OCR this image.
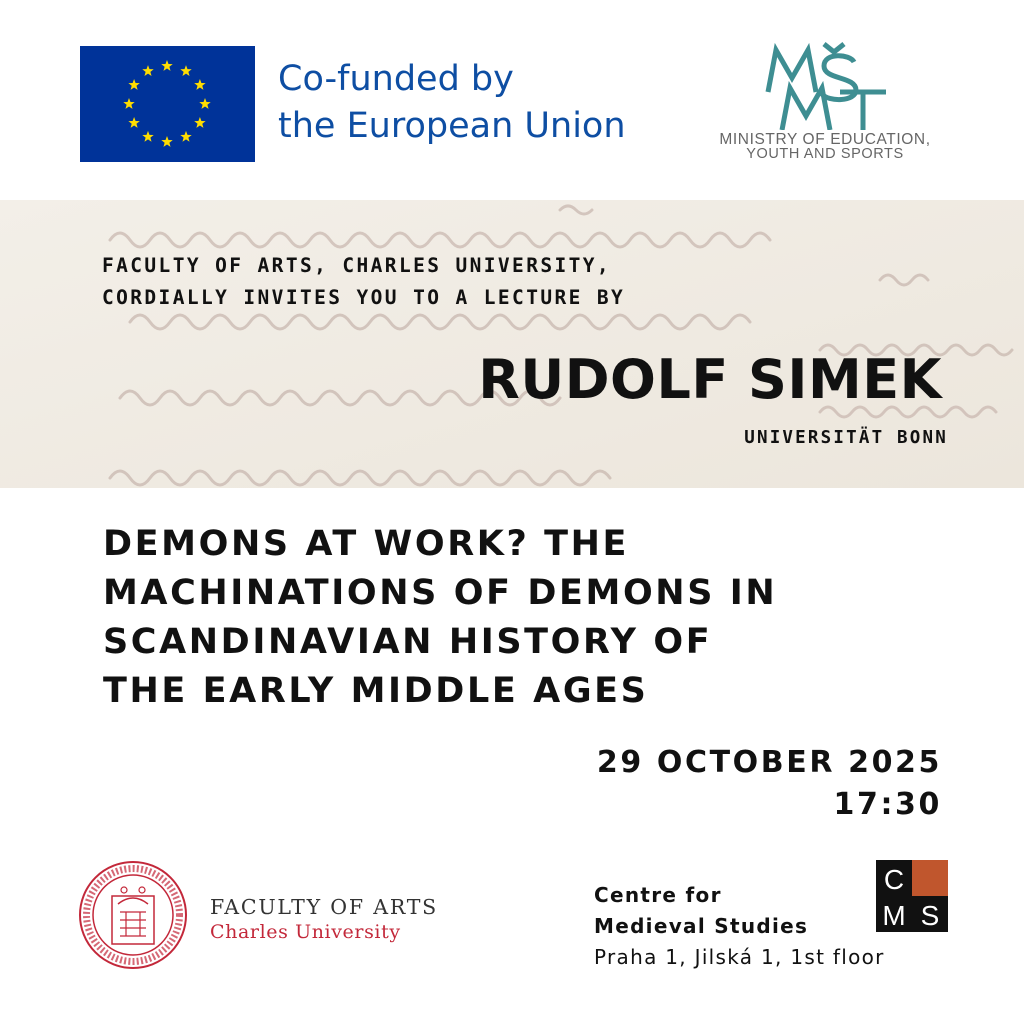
Co-funded by
the European Union	MINISTRY OF EDUCATION,
YOUTH AND SPORTS
FACULTY OF ARTS, CHARLES UNIVERSITY,
CORDIALLY INVITES YOU TO A LECTURE BY
RUDOLF SIMEK
UNIVERSITÄT BONN
DEMONS AT WORK? THE
MACHINATIONS OF DEMONS IN
SCANDINAVIAN HISTORY OF
THE EARLY MIDDLE AGES
29 OCTOBER 2025
17:30
FACULTY OF ARTS
Charles University
Centre for
Medieval Studies
Praha 1, Jilská 1, 1st floor
C
M S
